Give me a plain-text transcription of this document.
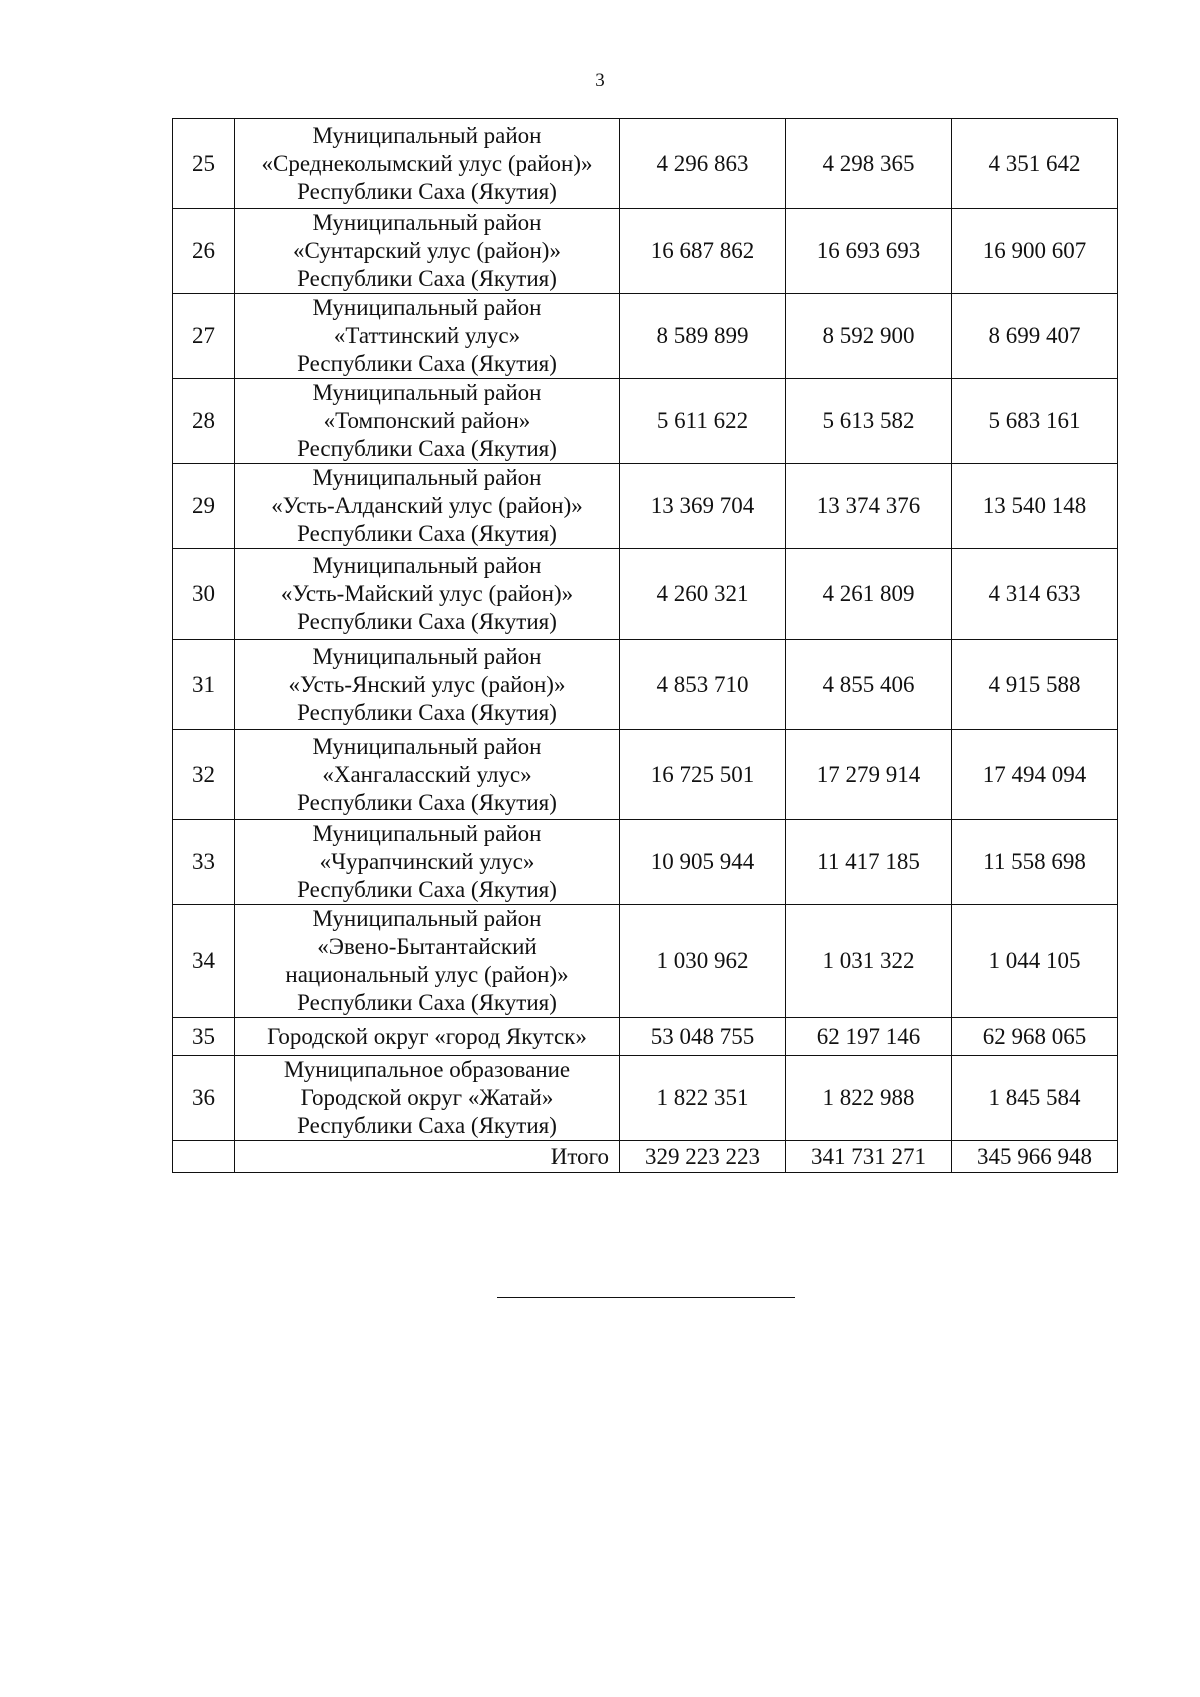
3
25	Муниципальный район
«Среднеколымский улус (район)»
Республики Саха (Якутия)	4 296 863	4 298 365	4 351 642
26	Муниципальный район
«Сунтарский улус (район)»
Республики Саха (Якутия)	16 687 862	16 693 693	16 900 607
27	Муниципальный район
«Таттинский улус»
Республики Саха (Якутия)	8 589 899	8 592 900	8 699 407
28	Муниципальный район
«Томпонский район»
Республики Саха (Якутия)	5 611 622	5 613 582	5 683 161
29	Муниципальный район
«Усть-Алданский улус (район)»
Республики Саха (Якутия)	13 369 704	13 374 376	13 540 148
30	Муниципальный район
«Усть-Майский улус (район)»
Республики Саха (Якутия)	4 260 321	4 261 809	4 314 633
31	Муниципальный район
«Усть-Янский улус (район)»
Республики Саха (Якутия)	4 853 710	4 855 406	4 915 588
32	Муниципальный район
«Хангаласский улус»
Республики Саха (Якутия)	16 725 501	17 279 914	17 494 094
33	Муниципальный район
«Чурапчинский улус»
Республики Саха (Якутия)	10 905 944	11 417 185	11 558 698
34	Муниципальный район
«Эвено-Бытантайский
национальный улус (район)»
Республики Саха (Якутия)	1 030 962	1 031 322	1 044 105
35	Городской округ «город Якутск»	53 048 755	62 197 146	62 968 065
36	Муниципальное образование
Городской округ «Жатай»
Республики Саха (Якутия)	1 822 351	1 822 988	1 845 584
	Итого	329 223 223	341 731 271	345 966 948
